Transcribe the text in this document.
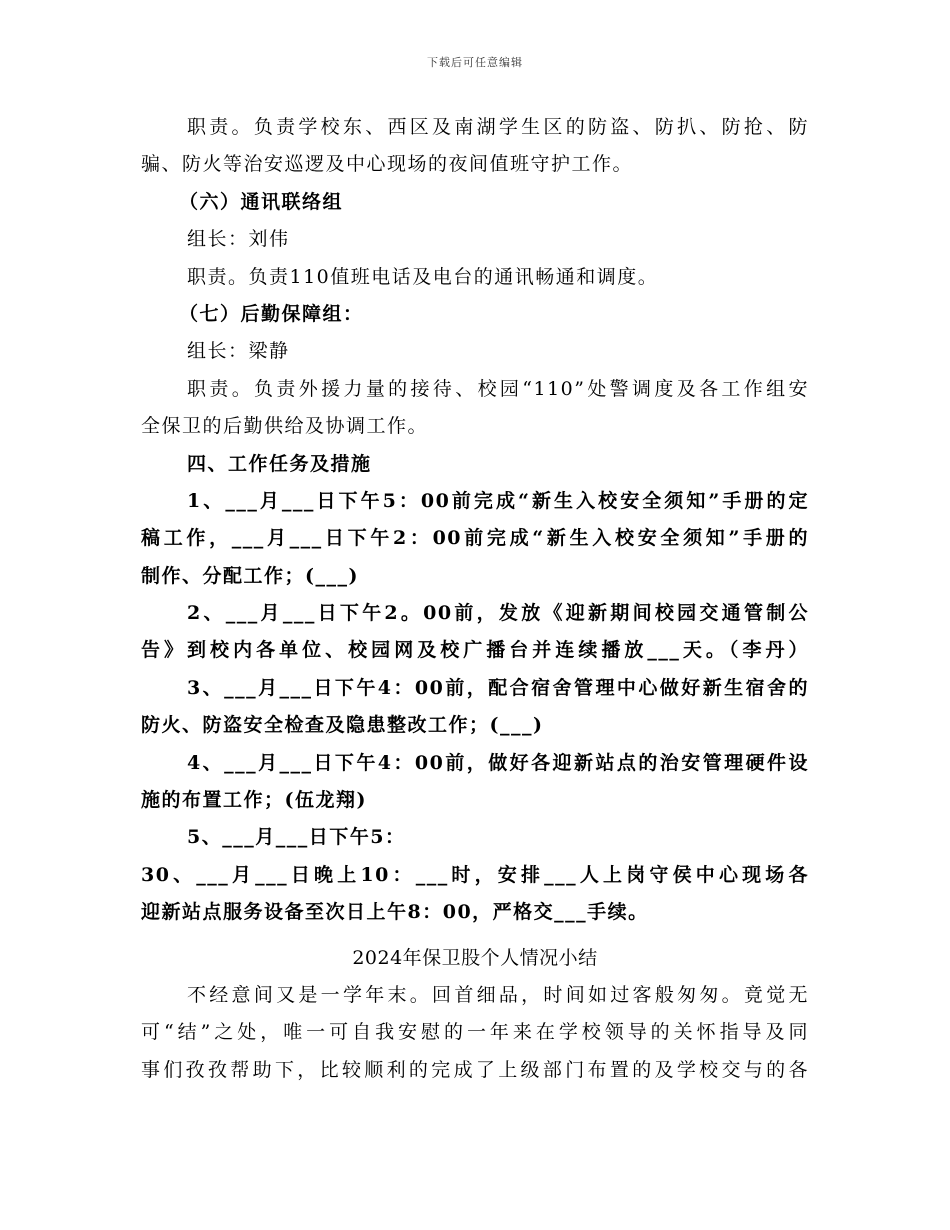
下载后可任意编辑
职责。负责学校东、西区及南湖学生区的防盗、防扒、防抢、防
骗、防火等治安巡逻及中心现场的夜间值班守护工作。
（六）通讯联络组
组长：刘伟
职责。负责110值班电话及电台的通讯畅通和调度。
（七）后勤保障组：
组长：梁静
职责。负责外援力量的接待、校园“110”处警调度及各工作组安
全保卫的后勤供给及协调工作。
四、工作任务及措施
1、___月___日下午5：00前完成“新生入校安全须知”手册的定
稿工作，___月___日下午2：00前完成“新生入校安全须知”手册的
制作、分配工作；(___)
2、___月___日下午2。00前，发放《迎新期间校园交通管制公
告》到校内各单位、校园网及校广播台并连续播放___天。（李丹）
3、___月___日下午4：00前，配合宿舍管理中心做好新生宿舍的
防火、防盗安全检查及隐患整改工作；(___)
4、___月___日下午4：00前，做好各迎新站点的治安管理硬件设
施的布置工作；(伍龙翔)
5、___月___日下午5：
30、___月___日晚上10：___时，安排___人上岗守侯中心现场各
迎新站点服务设备至次日上午8：00，严格交___手续。
2024年保卫股个人情况小结
不经意间又是一学年末。回首细品，时间如过客般匆匆。竟觉无
可“结”之处，唯一可自我安慰的一年来在学校领导的关怀指导及同
事们孜孜帮助下，比较顺利的完成了上级部门布置的及学校交与的各
